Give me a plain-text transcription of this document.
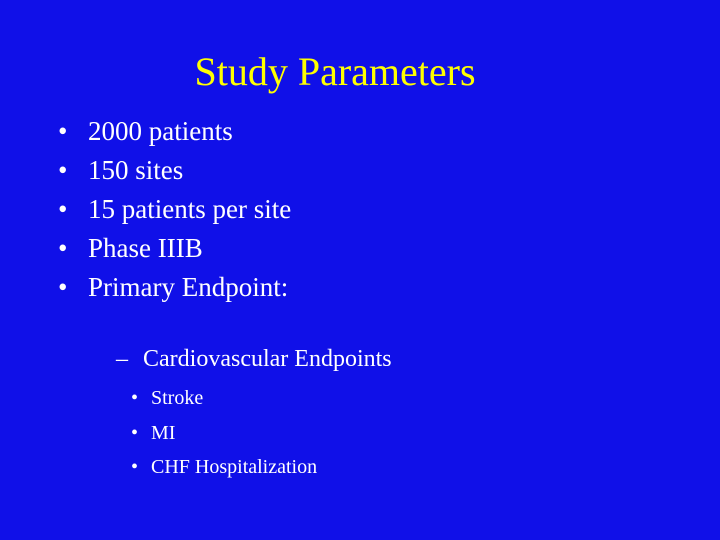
Study Parameters
• 2000 patients
• 150 sites
• 15 patients per site
• Phase IIIB
• Primary Endpoint:
– Cardiovascular Endpoints
• Stroke
• MI
• CHF Hospitalization
